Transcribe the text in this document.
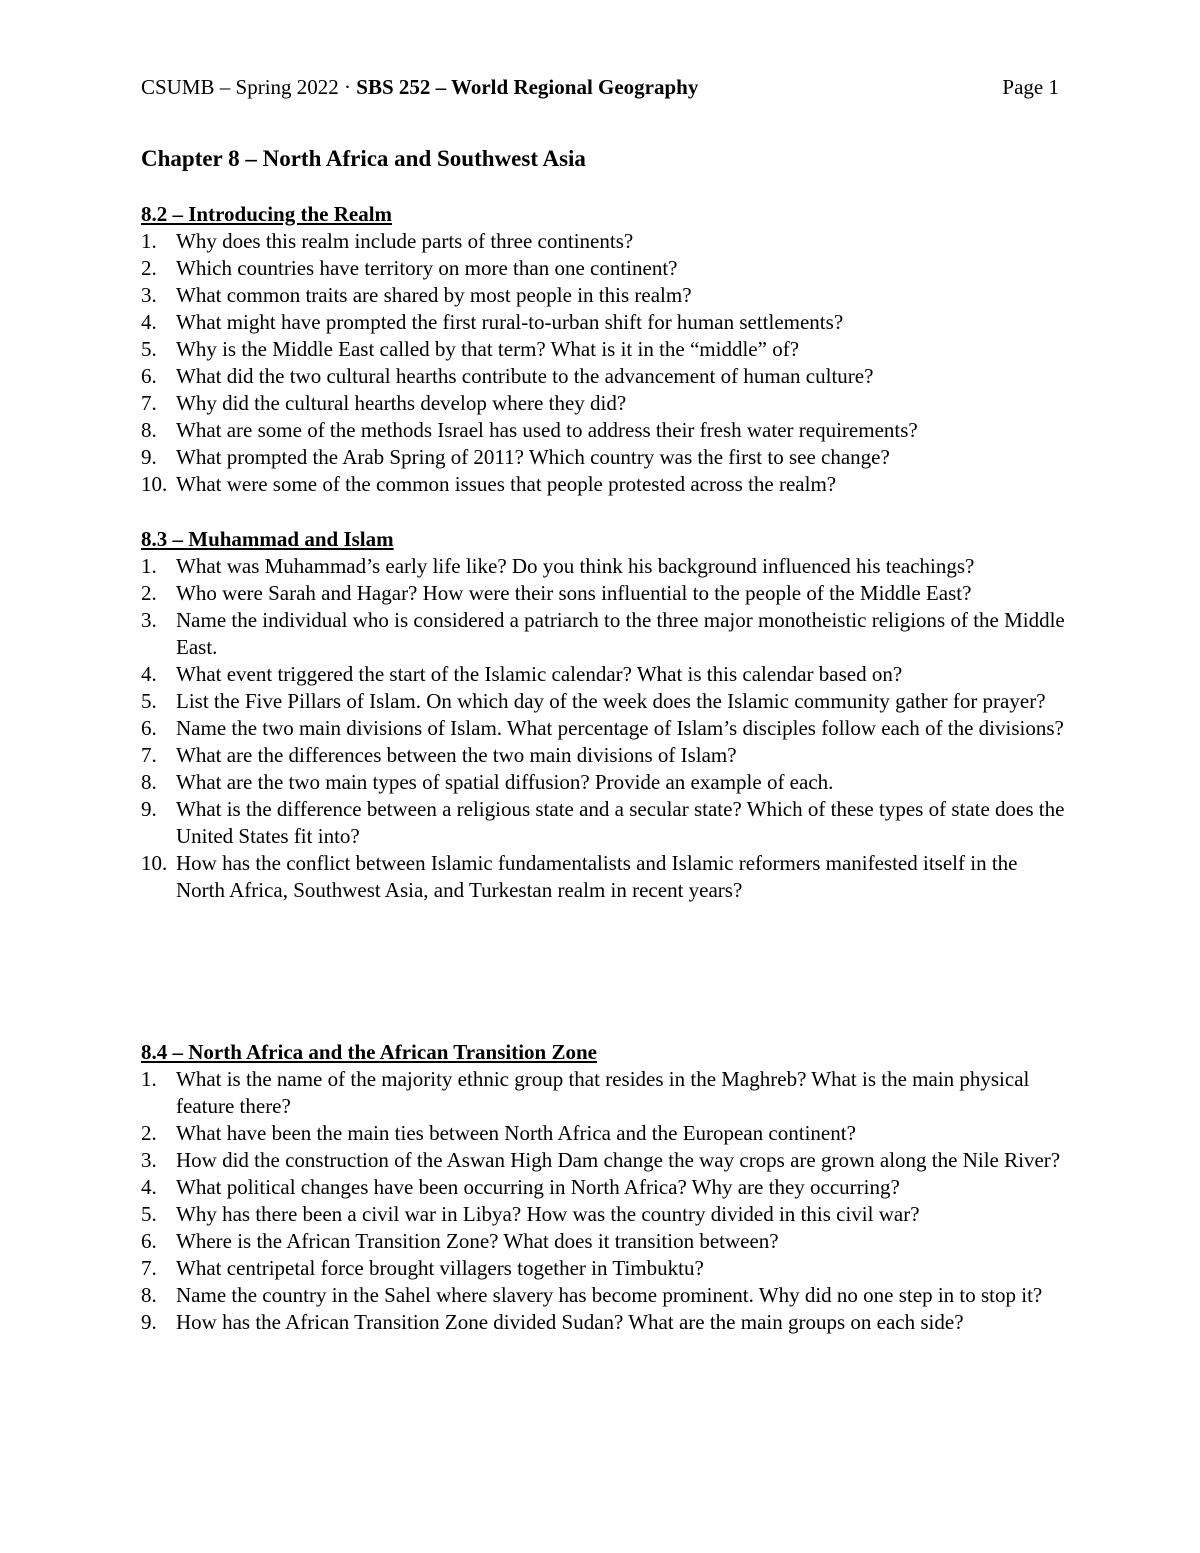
CSUMB – Spring 2022 · SBS 252 – World Regional Geography	Page 1
Chapter 8 – North Africa and Southwest Asia
8.2 – Introducing the Realm
1. Why does this realm include parts of three continents?
2. Which countries have territory on more than one continent?
3. What common traits are shared by most people in this realm?
4. What might have prompted the first rural-to-urban shift for human settlements?
5. Why is the Middle East called by that term? What is it in the “middle” of?
6. What did the two cultural hearths contribute to the advancement of human culture?
7. Why did the cultural hearths develop where they did?
8. What are some of the methods Israel has used to address their fresh water requirements?
9. What prompted the Arab Spring of 2011? Which country was the first to see change?
10. What were some of the common issues that people protested across the realm?
8.3 – Muhammad and Islam
1. What was Muhammad’s early life like? Do you think his background influenced his teachings?
2. Who were Sarah and Hagar? How were their sons influential to the people of the Middle East?
3. Name the individual who is considered a patriarch to the three major monotheistic religions of the Middle East.
4. What event triggered the start of the Islamic calendar? What is this calendar based on?
5. List the Five Pillars of Islam. On which day of the week does the Islamic community gather for prayer?
6. Name the two main divisions of Islam. What percentage of Islam’s disciples follow each of the divisions?
7. What are the differences between the two main divisions of Islam?
8. What are the two main types of spatial diffusion? Provide an example of each.
9. What is the difference between a religious state and a secular state? Which of these types of state does the United States fit into?
10. How has the conflict between Islamic fundamentalists and Islamic reformers manifested itself in the North Africa, Southwest Asia, and Turkestan realm in recent years?
8.4 – North Africa and the African Transition Zone
1. What is the name of the majority ethnic group that resides in the Maghreb? What is the main physical feature there?
2. What have been the main ties between North Africa and the European continent?
3. How did the construction of the Aswan High Dam change the way crops are grown along the Nile River?
4. What political changes have been occurring in North Africa? Why are they occurring?
5. Why has there been a civil war in Libya? How was the country divided in this civil war?
6. Where is the African Transition Zone? What does it transition between?
7. What centripetal force brought villagers together in Timbuktu?
8. Name the country in the Sahel where slavery has become prominent. Why did no one step in to stop it?
9. How has the African Transition Zone divided Sudan? What are the main groups on each side?
